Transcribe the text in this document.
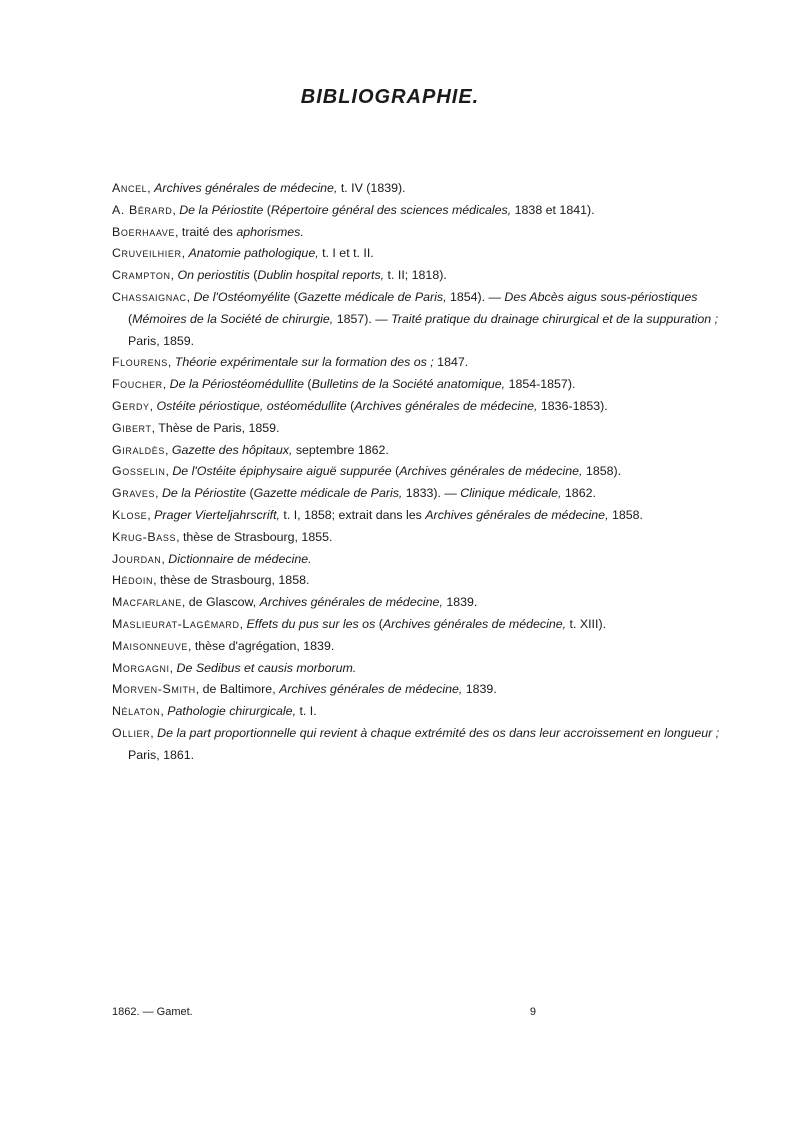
BIBLIOGRAPHIE.
Ancel, Archives générales de médecine, t. IV (1839).
A. Bérard, De la Périostite (Répertoire général des sciences médicales, 1838 et 1841).
Boerhaave, traité des aphorismes.
Cruveilhier, Anatomie pathologique, t. I et t. II.
Crampton, On periostitis (Dublin hospital reports, t. II; 1818).
Chassaignac, De l'Ostéomyélite (Gazette médicale de Paris, 1854). — Des Abcès aigus sous-périostiques (Mémoires de la Société de chirurgie, 1857). — Traité pratique du drainage chirurgical et de la suppuration ; Paris, 1859.
Flourens, Théorie expérimentale sur la formation des os ; 1847.
Foucher, De la Périostéomédullite (Bulletins de la Société anatomique, 1854-1857).
Gerdy, Ostéite périostique, ostéomédullite (Archives générales de médecine, 1836-1853).
Gibert, Thèse de Paris, 1859.
Giraldès, Gazette des hôpitaux, septembre 1862.
Gosselin, De l'Ostéite épiphysaire aiguë suppurée (Archives générales de médecine, 1858).
Graves, De la Périostite (Gazette médicale de Paris, 1833). — Clinique médicale, 1862.
Klose, Prager Vierteljahrscrift, t. I, 1858; extrait dans les Archives générales de médecine, 1858.
Krug-Bass, thèse de Strasbourg, 1855.
Jourdan, Dictionnaire de médecine.
Hédoin, thèse de Strasbourg, 1858.
Macfarlane, de Glascow, Archives générales de médecine, 1839.
Maslieurat-Lagémard, Effets du pus sur les os (Archives générales de médecine, t. XIII).
Maisonneuve, thèse d'agrégation, 1839.
Morgagni, De Sedibus et causis morborum.
Morven-Smith, de Baltimore, Archives générales de médecine, 1839.
Nélaton, Pathologie chirurgicale, t. I.
Ollier, De la part proportionnelle qui revient à chaque extrémité des os dans leur accroissement en longueur ; Paris, 1861.
1862. — Gamet.	9
